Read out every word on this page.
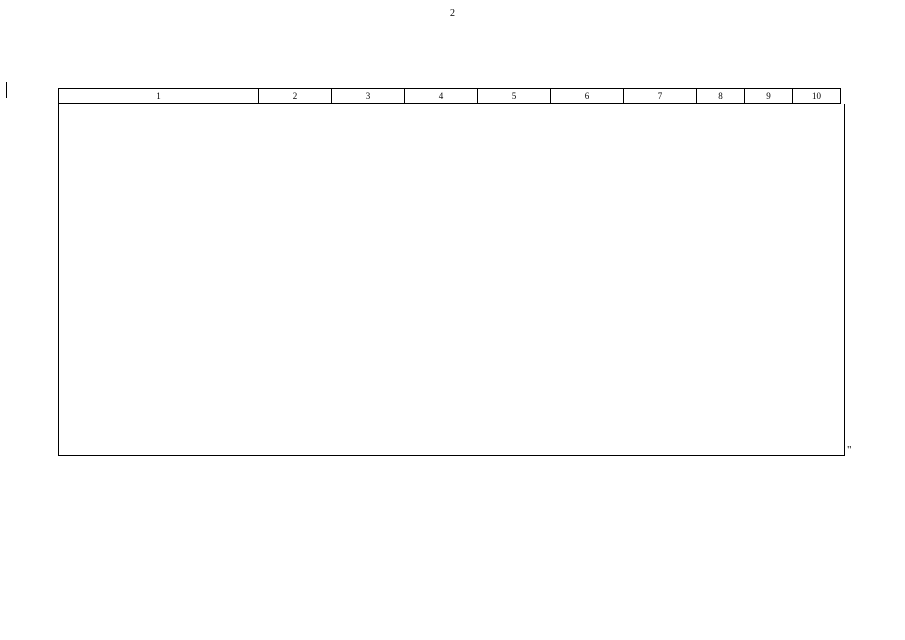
2
1	2	3	4	5	6	7	8	9	10
"
